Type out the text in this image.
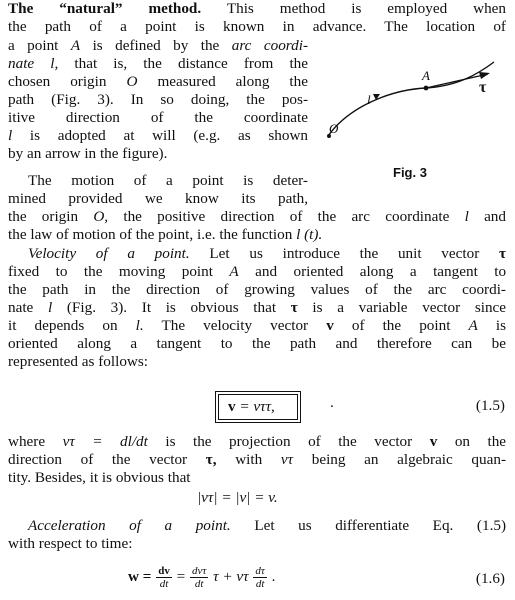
The “natural” method. This method is employed when
the path of a point is known in advance. The location of
a point A is defined by the arc coordi-
nate l, that is, the distance from the
chosen origin O measured along the
path (Fig. 3). In so doing, the pos-
itive direction of the coordinate
l is adopted at will (e.g. as shown
by an arrow in the figure).
A
l
O
τ
Fig. 3
The motion of a point is deter-
mined provided we know its path,
the origin O, the positive direction of the arc coordinate l and
the law of motion of the point, i.e. the function l (t).
Velocity of a point. Let us introduce the unit vector τ
fixed to the moving point A and oriented along a tangent to
the path in the direction of growing values of the arc coordi-
nate l (Fig. 3). It is obvious that τ is a variable vector since
it depends on l. The velocity vector v of the point A is
oriented along a tangent to the path and therefore can be
represented as follows:
v = vττ,	.	(1.5)
where vτ = dl/dt is the projection of the vector v on the
direction of the vector τ, with vτ being an algebraic quan-
tity. Besides, it is obvious that
|vτ| = |v| = v.
Acceleration of a point. Let us differentiate Eq. (1.5)
with respect to time:
$w = \frac{dv}{dt} = \frac{\text{dvτ}}{dt}$ τ + vτ $\frac{d\tau}{dt}$ .	(1.6)
